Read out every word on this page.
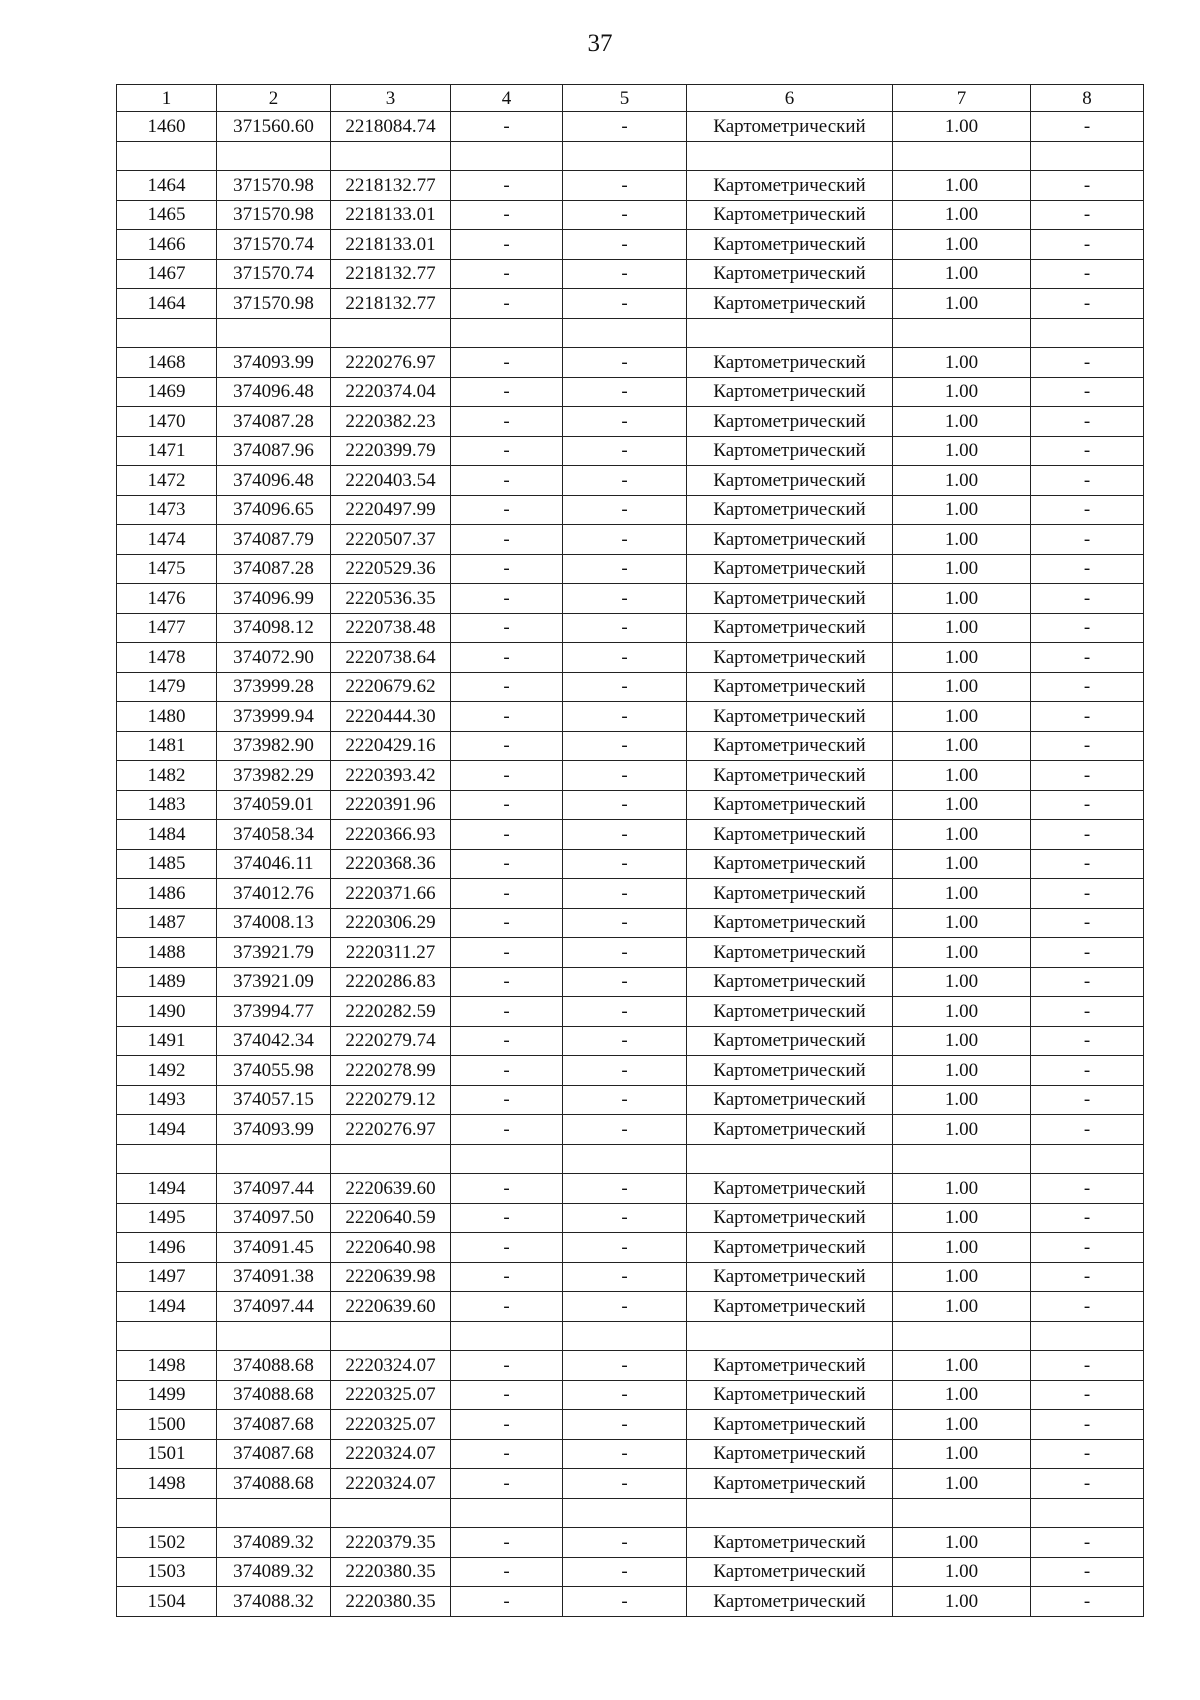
37
1	2	3	4	5	6	7	8
1460	371560.60	2218084.74	-	-	Картометрический	1.00	-

1464	371570.98	2218132.77	-	-	Картометрический	1.00	-
1465	371570.98	2218133.01	-	-	Картометрический	1.00	-
1466	371570.74	2218133.01	-	-	Картометрический	1.00	-
1467	371570.74	2218132.77	-	-	Картометрический	1.00	-
1464	371570.98	2218132.77	-	-	Картометрический	1.00	-

1468	374093.99	2220276.97	-	-	Картометрический	1.00	-
1469	374096.48	2220374.04	-	-	Картометрический	1.00	-
1470	374087.28	2220382.23	-	-	Картометрический	1.00	-
1471	374087.96	2220399.79	-	-	Картометрический	1.00	-
1472	374096.48	2220403.54	-	-	Картометрический	1.00	-
1473	374096.65	2220497.99	-	-	Картометрический	1.00	-
1474	374087.79	2220507.37	-	-	Картометрический	1.00	-
1475	374087.28	2220529.36	-	-	Картометрический	1.00	-
1476	374096.99	2220536.35	-	-	Картометрический	1.00	-
1477	374098.12	2220738.48	-	-	Картометрический	1.00	-
1478	374072.90	2220738.64	-	-	Картометрический	1.00	-
1479	373999.28	2220679.62	-	-	Картометрический	1.00	-
1480	373999.94	2220444.30	-	-	Картометрический	1.00	-
1481	373982.90	2220429.16	-	-	Картометрический	1.00	-
1482	373982.29	2220393.42	-	-	Картометрический	1.00	-
1483	374059.01	2220391.96	-	-	Картометрический	1.00	-
1484	374058.34	2220366.93	-	-	Картометрический	1.00	-
1485	374046.11	2220368.36	-	-	Картометрический	1.00	-
1486	374012.76	2220371.66	-	-	Картометрический	1.00	-
1487	374008.13	2220306.29	-	-	Картометрический	1.00	-
1488	373921.79	2220311.27	-	-	Картометрический	1.00	-
1489	373921.09	2220286.83	-	-	Картометрический	1.00	-
1490	373994.77	2220282.59	-	-	Картометрический	1.00	-
1491	374042.34	2220279.74	-	-	Картометрический	1.00	-
1492	374055.98	2220278.99	-	-	Картометрический	1.00	-
1493	374057.15	2220279.12	-	-	Картометрический	1.00	-
1494	374093.99	2220276.97	-	-	Картометрический	1.00	-

1494	374097.44	2220639.60	-	-	Картометрический	1.00	-
1495	374097.50	2220640.59	-	-	Картометрический	1.00	-
1496	374091.45	2220640.98	-	-	Картометрический	1.00	-
1497	374091.38	2220639.98	-	-	Картометрический	1.00	-
1494	374097.44	2220639.60	-	-	Картометрический	1.00	-

1498	374088.68	2220324.07	-	-	Картометрический	1.00	-
1499	374088.68	2220325.07	-	-	Картометрический	1.00	-
1500	374087.68	2220325.07	-	-	Картометрический	1.00	-
1501	374087.68	2220324.07	-	-	Картометрический	1.00	-
1498	374088.68	2220324.07	-	-	Картометрический	1.00	-

1502	374089.32	2220379.35	-	-	Картометрический	1.00	-
1503	374089.32	2220380.35	-	-	Картометрический	1.00	-
1504	374088.32	2220380.35	-	-	Картометрический	1.00	-
